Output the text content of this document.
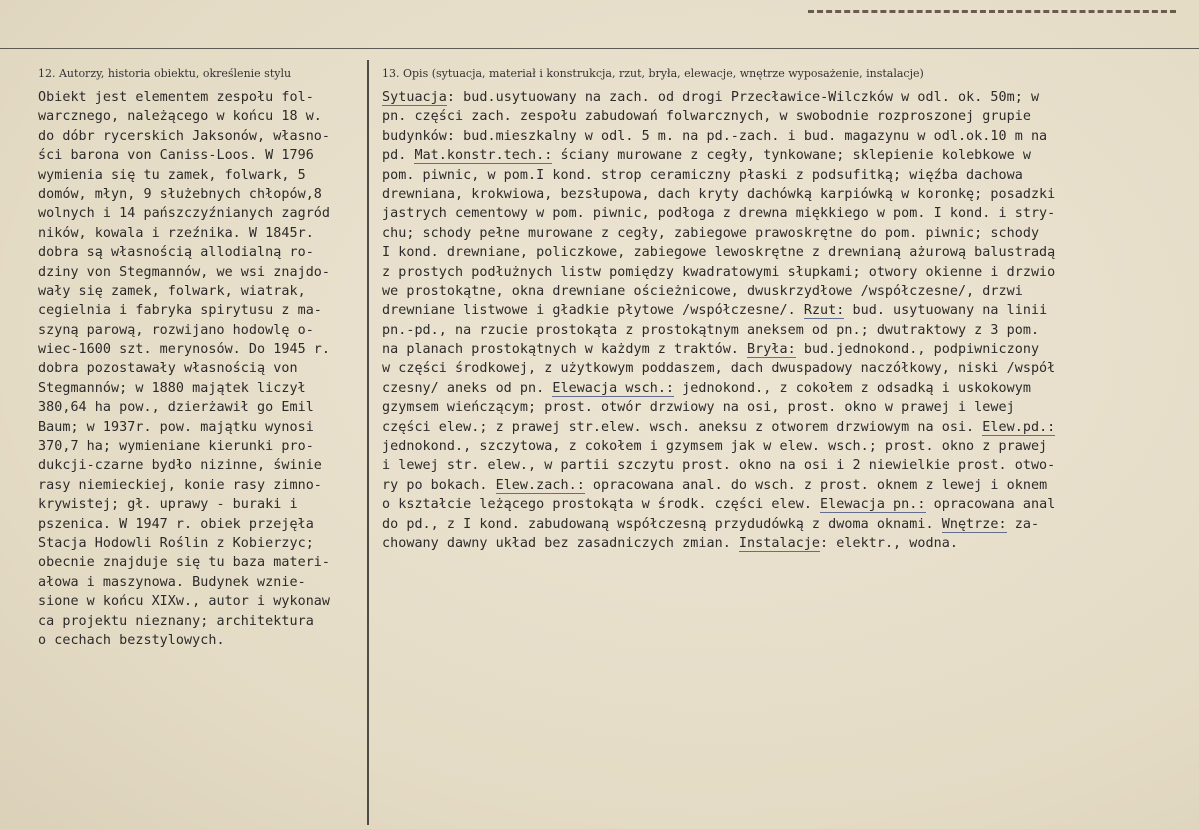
12. Autorzy, historia obiektu, określenie stylu	13. Opis (sytuacja, materiał i konstrukcja, rzut, bryła, elewacje, wnętrze wyposażenie, instalacje)
Obiekt jest elementem zespołu fol-
warcznego, należącego w końcu 18 w.
do dóbr rycerskich Jaksonów, własno-
ści barona von Caniss-Loos. W 1796
wymienia się tu zamek, folwark, 5
domów, młyn, 9 służebnych chłopów,8
wolnych i 14 pańszczyźnianych zagród
ników, kowala i rzeźnika. W 1845r.
dobra są własnością allodialną ro-
dziny von Stegmannów, we wsi znajdo-
wały się zamek, folwark, wiatrak,
cegielnia i fabryka spirytusu z ma-
szyną parową, rozwijano hodowlę o-
wiec-1600 szt. merynosów. Do 1945 r.
dobra pozostawały własnością von
Stegmannów; w 1880 majątek liczył
380,64 ha pow., dzierżawił go Emil
Baum; w 1937r. pow. majątku wynosi
370,7 ha; wymieniane kierunki pro-
dukcji-czarne bydło nizinne, świnie
rasy niemieckiej, konie rasy zimno-
krywistej; gł. uprawy - buraki i
pszenica. W 1947 r. obiek przejęła
Stacja Hodowli Roślin z Kobierzyc;
obecnie znajduje się tu baza materi-
ałowa i maszynowa. Budynek wznie-
sione w końcu XIXw., autor i wykonaw
ca projektu nieznany; architektura
o cechach bezstylowych.
Sytuacja: bud.usytuowany na zach. od drogi Przecławice-Wilczków w odl. ok. 50m; w
pn. części zach. zespołu zabudowań folwarcznych, w swobodnie rozproszonej grupie
budynków: bud.mieszkalny w odl. 5 m. na pd.-zach. i bud. magazynu w odl.ok.10 m na
pd. Mat.konstr.tech.: ściany murowane z cegły, tynkowane; sklepienie kolebkowe w
pom. piwnic, w pom.I kond. strop ceramiczny płaski z podsufitką; więźba dachowa
drewniana, krokwiowa, bezsłupowa, dach kryty dachówką karpiówką w koronkę; posadzki
jastrych cementowy w pom. piwnic, podłoga z drewna miękkiego w pom. I kond. i stry-
chu; schody pełne murowane z cegły, zabiegowe prawoskrętne do pom. piwnic; schody
I kond. drewniane, policzkowe, zabiegowe lewoskrętne z drewnianą ażurową balustradą
z prostych podłużnych listw pomiędzy kwadratowymi słupkami; otwory okienne i drzwio
we prostokątne, okna drewniane ościeżnicowe, dwuskrzydłowe /współczesne/, drzwi
drewniane listwowe i gładkie płytowe /współczesne/. Rzut: bud. usytuowany na linii
pn.-pd., na rzucie prostokąta z prostokątnym aneksem od pn.; dwutraktowy z 3 pom.
na planach prostokątnych w każdym z traktów. Bryła: bud.jednokond., podpiwniczony
w części środkowej, z użytkowym poddaszem, dach dwuspadowy naczółkowy, niski /współ
czesny/ aneks od pn. Elewacja wsch.: jednokond., z cokołem z odsadką i uskokowym
gzymsem wieńczącym; prost. otwór drzwiowy na osi, prost. okno w prawej i lewej
części elew.; z prawej str.elew. wsch. aneksu z otworem drzwiowym na osi. Elew.pd.:
jednokond., szczytowa, z cokołem i gzymsem jak w elew. wsch.; prost. okno z prawej
i lewej str. elew., w partii szczytu prost. okno na osi i 2 niewielkie prost. otwo-
ry po bokach. Elew.zach.: opracowana anal. do wsch. z prost. oknem z lewej i oknem
o kształcie leżącego prostokąta w środk. części elew. Elewacja pn.: opracowana anal
do pd., z I kond. zabudowaną współczesną przydudówką z dwoma oknami. Wnętrze: za-
chowany dawny układ bez zasadniczych zmian. Instalacje: elektr., wodna.
